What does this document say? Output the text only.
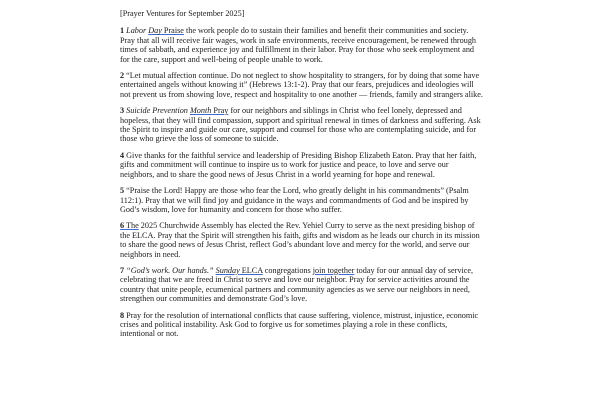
[Prayer Ventures for September 2025]

1 Labor Day Praise the work people do to sustain their families and benefit their communities and society. Pray that all will receive fair wages, work in safe environments, receive encouragement, be renewed through times of sabbath, and experience joy and fulfillment in their labor. Pray for those who seek employment and for the care, support and well-being of people unable to work.

2 “Let mutual affection continue. Do not neglect to show hospitality to strangers, for by doing that some have entertained angels without knowing it” (Hebrews 13:1-2). Pray that our fears, prejudices and ideologies will not prevent us from showing love, respect and hospitality to one another — friends, family and strangers alike.

3 Suicide Prevention Month Pray for our neighbors and siblings in Christ who feel lonely, depressed and hopeless, that they will find compassion, support and spiritual renewal in times of darkness and suffering. Ask the Spirit to inspire and guide our care, support and counsel for those who are contemplating suicide, and for those who grieve the loss of someone to suicide.

4 Give thanks for the faithful service and leadership of Presiding Bishop Elizabeth Eaton. Pray that her faith, gifts and commitment will continue to inspire us to work for justice and peace, to love and serve our neighbors, and to share the good news of Jesus Christ in a world yearning for hope and renewal.

5 “Praise the Lord! Happy are those who fear the Lord, who greatly delight in his commandments” (Psalm 112:1). Pray that we will find joy and guidance in the ways and commandments of God and be inspired by God’s wisdom, love for humanity and concern for those who suffer.

6 The 2025 Churchwide Assembly has elected the Rev. Yehiel Curry to serve as the next presiding bishop of the ELCA. Pray that the Spirit will strengthen his faith, gifts and wisdom as he leads our church in its mission to share the good news of Jesus Christ, reflect God’s abundant love and mercy for the world, and serve our neighbors in need.

7 “God’s work. Our hands.” Sunday ELCA congregations join together today for our annual day of service, celebrating that we are freed in Christ to serve and love our neighbor. Pray for service activities around the country that unite people, ecumenical partners and community agencies as we serve our neighbors in need, strengthen our communities and demonstrate God’s love.

8 Pray for the resolution of international conflicts that cause suffering, violence, mistrust, injustice, economic crises and political instability. Ask God to forgive us for sometimes playing a role in these conflicts, intentional or not.
